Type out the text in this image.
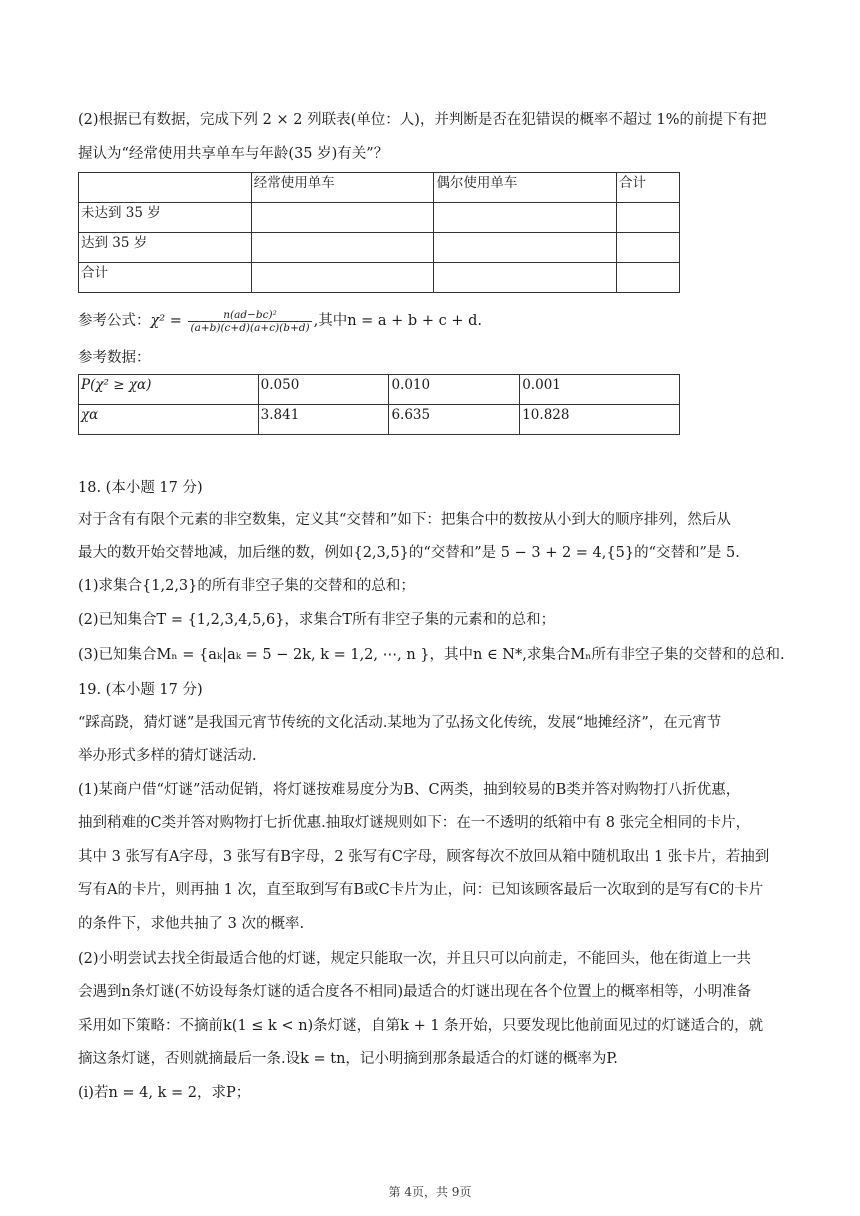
(2)根据已有数据，完成下列 2 × 2 列联表(单位：人)，并判断是否在犯错误的概率不超过 1%的前提下有把
握认为“经常使用共享单车与年龄(35 岁)有关”？
	经常使用单车	偶尔使用单车	合计
未达到 35 岁			
达到 35 岁			
合计			
参考公式：$\chi^2 = \frac{\text{n(ad−bc)²}}{(a+b)(c+d)(a+c)(b+d)}$ ,其中n = a + b + c + d.
参考数据：
P(χ² ≥ χα)	0.050	0.010	0.001
χα	3.841	6.635	10.828
18. (本小题 17 分)
对于含有有限个元素的非空数集，定义其“交替和”如下：把集合中的数按从小到大的顺序排列，然后从
最大的数开始交替地减，加后继的数，例如{2,3,5}的“交替和”是 5 − 3 + 2 = 4,{5}的“交替和”是 5.
(1)求集合{1,2,3}的所有非空子集的交替和的总和；
(2)已知集合T = {1,2,3,4,5,6}，求集合T所有非空子集的元素和的总和；
(3)已知集合Mₙ = {aₖ|aₖ = 5 − 2k, k = 1,2, ⋯, n }，其中n ∈ N*,求集合Mₙ所有非空子集的交替和的总和.
19. (本小题 17 分)
“踩高跷，猜灯谜”是我国元宵节传统的文化活动.某地为了弘扬文化传统，发展“地摊经济”，在元宵节
举办形式多样的猜灯谜活动.
(1)某商户借“灯谜”活动促销，将灯谜按难易度分为B、C两类，抽到较易的B类并答对购物打八折优惠，
抽到稍难的C类并答对购物打七折优惠.抽取灯谜规则如下：在一不透明的纸箱中有 8 张完全相同的卡片，
其中 3 张写有A字母，3 张写有B字母，2 张写有C字母，顾客每次不放回从箱中随机取出 1 张卡片，若抽到
写有A的卡片，则再抽 1 次，直至取到写有B或C卡片为止，问：已知该顾客最后一次取到的是写有C的卡片
的条件下，求他共抽了 3 次的概率.
(2)小明尝试去找全街最适合他的灯谜，规定只能取一次，并且只可以向前走，不能回头，他在街道上一共
会遇到n条灯谜(不妨设每条灯谜的适合度各不相同)最适合的灯谜出现在各个位置上的概率相等，小明准备
采用如下策略：不摘前k(1 ≤ k < n)条灯谜，自第k + 1 条开始，只要发现比他前面见过的灯谜适合的，就
摘这条灯谜，否则就摘最后一条.设k = tn，记小明摘到那条最适合的灯谜的概率为P.
(i)若n = 4, k = 2，求P；
第 4页，共 9页
